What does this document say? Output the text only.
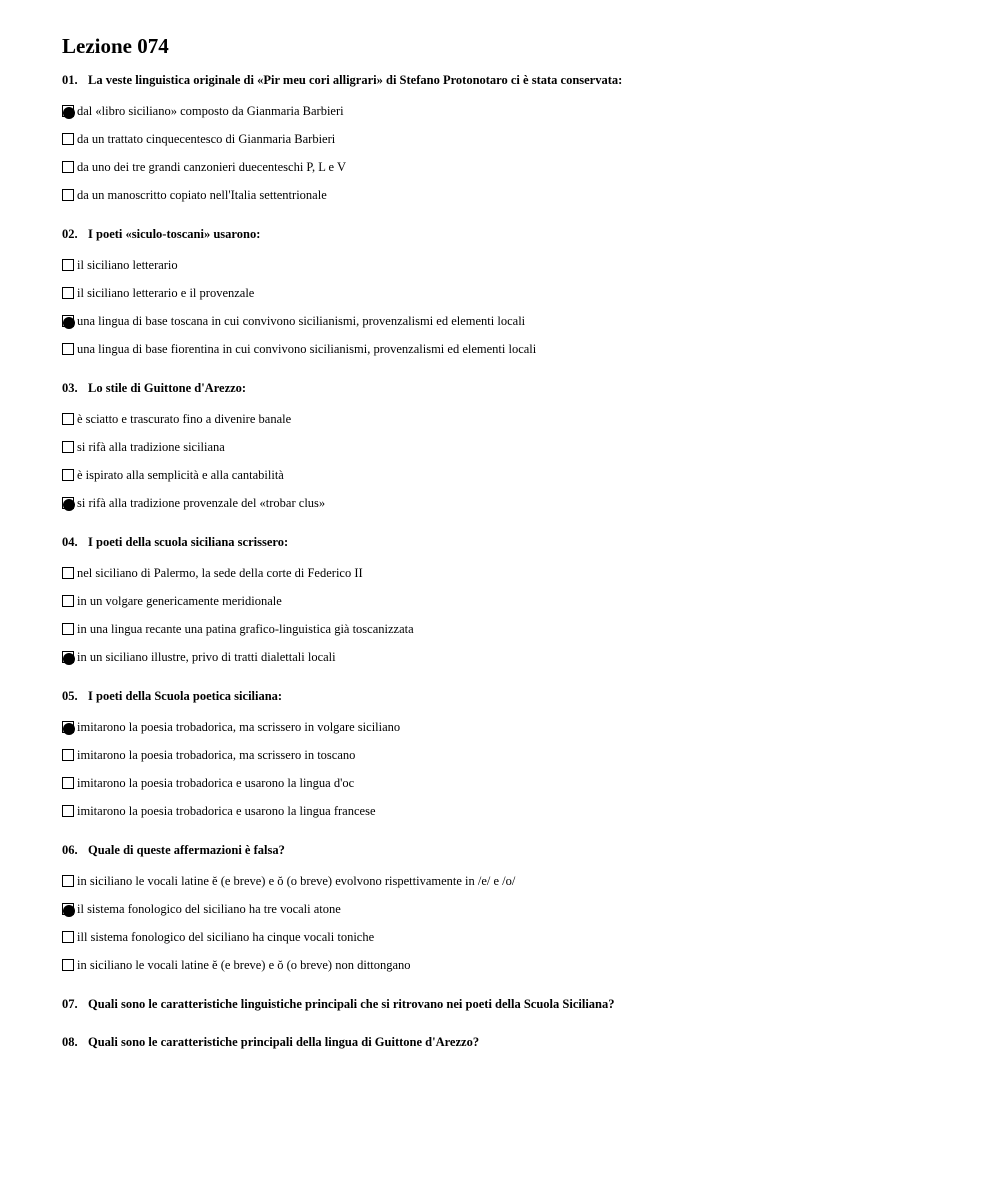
Lezione 074
01. La veste linguistica originale di «Pir meu cori alligrari» di Stefano Protonotaro ci è stata conservata:
dal «libro siciliano» composto da Gianmaria Barbieri
da un trattato cinquecentesco di Gianmaria Barbieri
da uno dei tre grandi canzonieri duecenteschi P, L e V
da un manoscritto copiato nell'Italia settentrionale
02. I poeti «siculo-toscani» usarono:
il siciliano letterario
il siciliano letterario e il provenzale
una lingua di base toscana in cui convivono sicilianismi, provenzalismi ed elementi locali
una lingua di base fiorentina in cui convivono sicilianismi, provenzalismi ed elementi locali
03. Lo stile di Guittone d'Arezzo:
è sciatto e trascurato fino a divenire banale
si rifà alla tradizione siciliana
è ispirato alla semplicità e alla cantabilità
si rifà alla tradizione provenzale del «trobar clus»
04. I poeti della scuola siciliana scrissero:
nel siciliano di Palermo, la sede della corte di Federico II
in un volgare genericamente meridionale
in una lingua recante una patina grafico-linguistica già toscanizzata
in un siciliano illustre, privo di tratti dialettali locali
05. I poeti della Scuola poetica siciliana:
imitarono la poesia trobadorica, ma scrissero in volgare siciliano
imitarono la poesia trobadorica, ma scrissero in toscano
imitarono la poesia trobadorica e usarono la lingua d'oc
imitarono la poesia trobadorica e usarono la lingua francese
06. Quale di queste affermazioni è falsa?
in siciliano le vocali latine ĕ (e breve) e ŏ (o breve) evolvono rispettivamente in /e/ e /o/
il sistema fonologico del siciliano ha tre vocali atone
ill sistema fonologico del siciliano ha cinque vocali toniche
in siciliano le vocali latine ĕ (e breve) e ŏ (o breve) non dittongano
07. Quali sono le caratteristiche linguistiche principali che si ritrovano nei poeti della Scuola Siciliana?
08. Quali sono le caratteristiche principali della lingua di Guittone d'Arezzo?
